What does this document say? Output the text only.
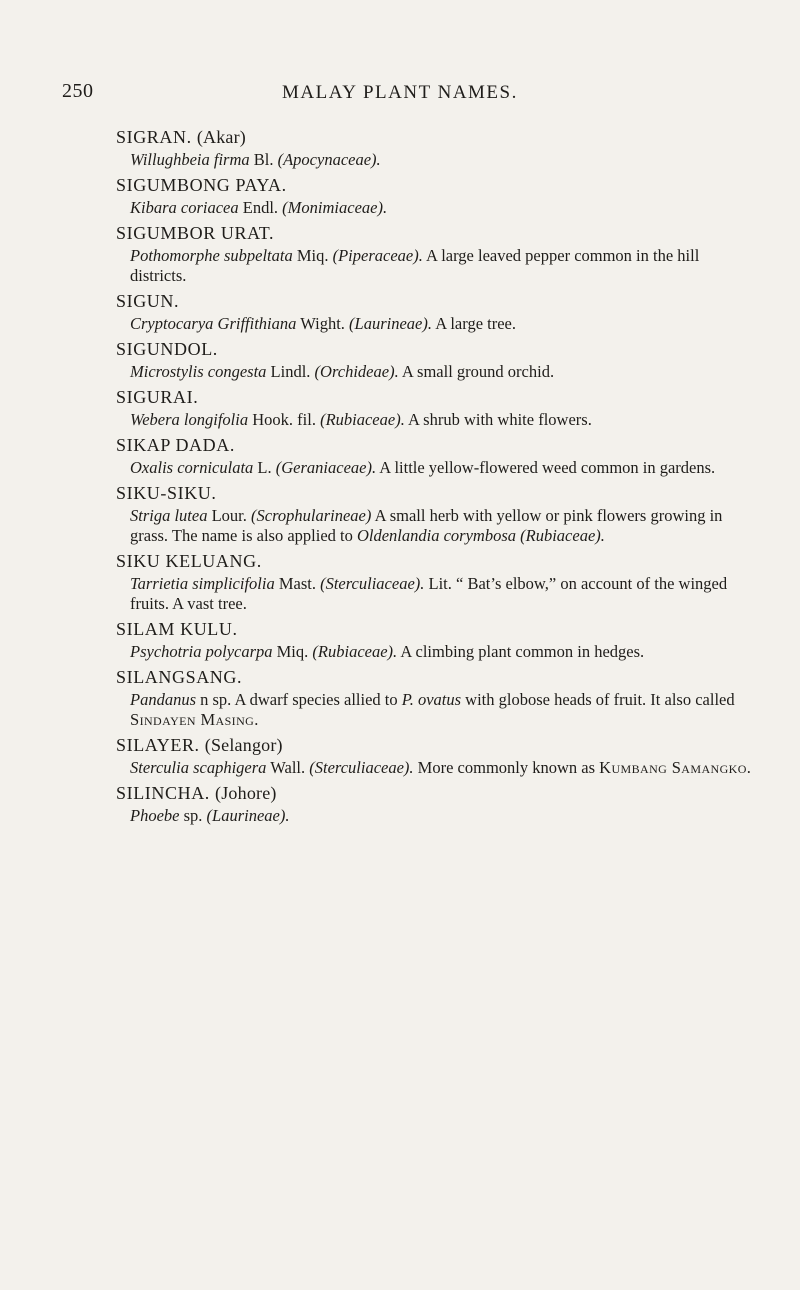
250	MALAY PLANT NAMES.
SIGRAN. (Akar)
Willughbeia firma Bl. (Apocynaceae).
SIGUMBONG PAYA.
Kibara coriacea Endl. (Monimiaceae).
SIGUMBOR URAT.
Pothomorphe subpeltata Miq. (Piperaceae). A large leaved pepper common in the hill districts.
SIGUN.
Cryptocarya Griffithiana Wight. (Laurineae). A large tree.
SIGUNDOL.
Microstylis congesta Lindl. (Orchideae). A small ground orchid.
SIGURAI.
Webera longifolia Hook. fil. (Rubiaceae). A shrub with white flowers.
SIKAP DADA.
Oxalis corniculata L. (Geraniaceae). A little yellow-flowered weed common in gardens.
SIKU-SIKU.
Striga lutea Lour. (Scrophularineae) A small herb with yellow or pink flowers growing in grass. The name is also applied to Oldenlandia corymbosa (Rubiaceae).
SIKU KELUANG.
Tarrietia simplicifolia Mast. (Sterculiaceae). Lit. “ Bat’s elbow,” on account of the winged fruits. A vast tree.
SILAM KULU.
Psychotria polycarpa Miq. (Rubiaceae). A climbing plant common in hedges.
SILANGSANG.
Pandanus n sp. A dwarf species allied to P. ovatus with globose heads of fruit. It also called Sindayen Masing.
SILAYER. (Selangor)
Sterculia scaphigera Wall. (Sterculiaceae). More commonly known as Kumbang Samangko.
SILINCHA. (Johore)
Phoebe sp. (Laurineae).
